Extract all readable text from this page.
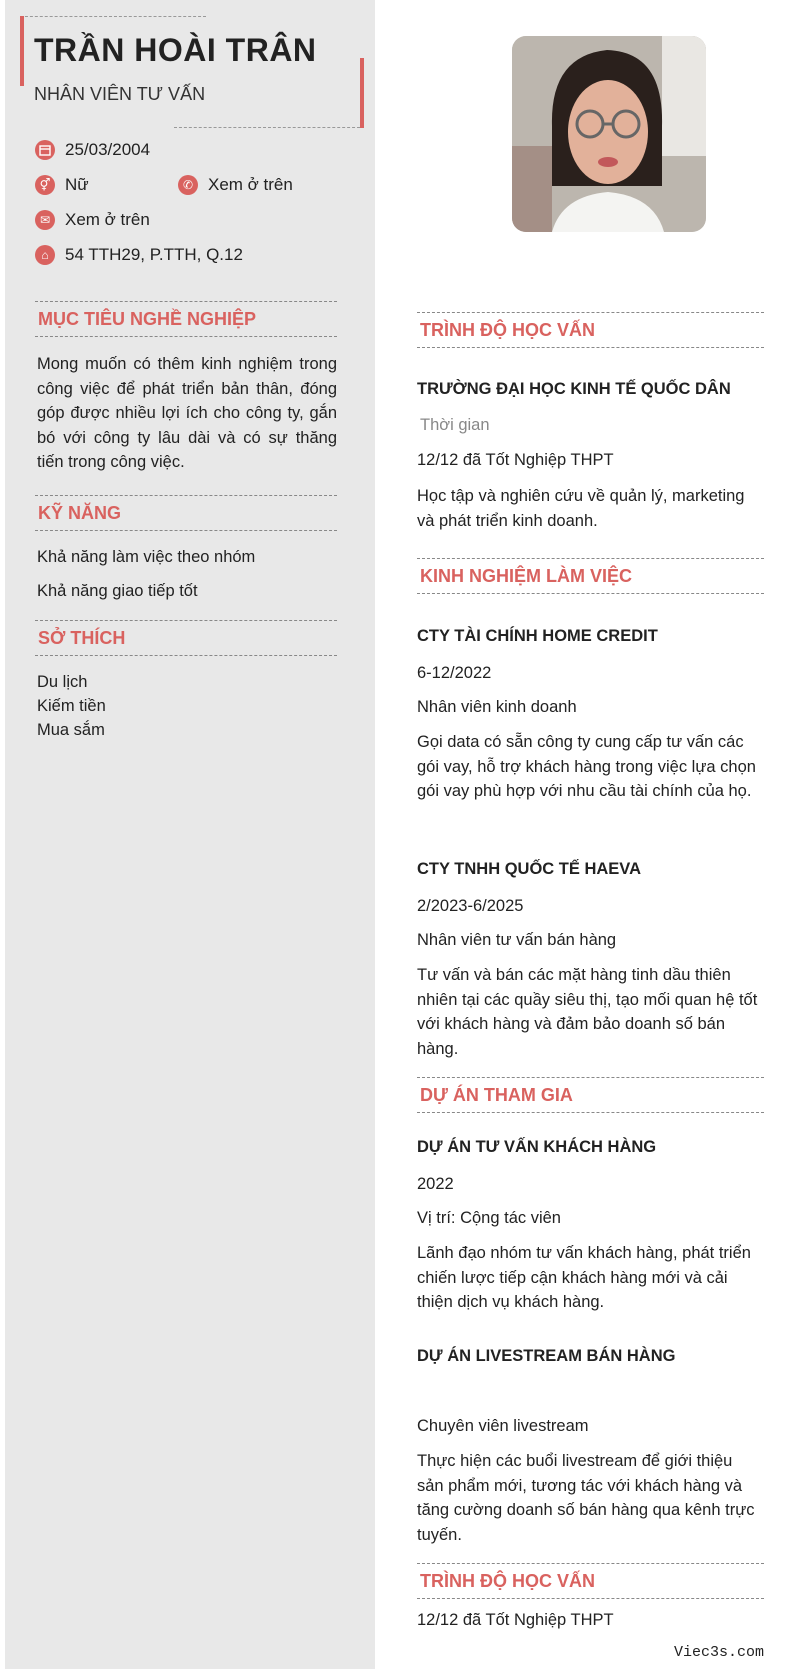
TRẦN HOÀI TRÂN
NHÂN VIÊN TƯ VẤN
25/03/2004
⚥ Nữ	✆ Xem ở trên
✉ Xem ở trên
⌂ 54 TTH29, P.TTH, Q.12
MỤC TIÊU NGHỀ NGHIỆP
Mong muốn có thêm kinh nghiệm trong công việc để phát triển bản thân, đóng góp được nhiều lợi ích cho công ty, gắn bó với công ty lâu dài và có sự thăng tiến trong công việc.
KỸ NĂNG
Khả năng làm việc theo nhóm
Khả năng giao tiếp tốt
SỞ THÍCH
Du lịch
Kiếm tiền
Mua sắm
TRÌNH ĐỘ HỌC VẤN
TRƯỜNG ĐẠI HỌC KINH TẾ QUỐC DÂN
Thời gian
12/12 đã Tốt Nghiệp THPT
Học tập và nghiên cứu về quản lý, marketing và phát triển kinh doanh.
KINH NGHIỆM LÀM VIỆC
CTY TÀI CHÍNH HOME CREDIT
6-12/2022
Nhân viên kinh doanh
Gọi data có sẵn công ty cung cấp tư vấn các gói vay, hỗ trợ khách hàng trong việc lựa chọn gói vay phù hợp với nhu cầu tài chính của họ.
CTY TNHH QUỐC TẾ HAEVA
2/2023-6/2025
Nhân viên tư vấn bán hàng
Tư vấn và bán các mặt hàng tinh dầu thiên nhiên tại các quầy siêu thị, tạo mối quan hệ tốt với khách hàng và đảm bảo doanh số bán hàng.
DỰ ÁN THAM GIA
DỰ ÁN TƯ VẤN KHÁCH HÀNG
2022
Vị trí: Cộng tác viên
Lãnh đạo nhóm tư vấn khách hàng, phát triển chiến lược tiếp cận khách hàng mới và cải thiện dịch vụ khách hàng.
DỰ ÁN LIVESTREAM BÁN HÀNG
Chuyên viên livestream
Thực hiện các buổi livestream để giới thiệu sản phẩm mới, tương tác với khách hàng và tăng cường doanh số bán hàng qua kênh trực tuyến.
TRÌNH ĐỘ HỌC VẤN
12/12 đã Tốt Nghiệp THPT
Viec3s.com
